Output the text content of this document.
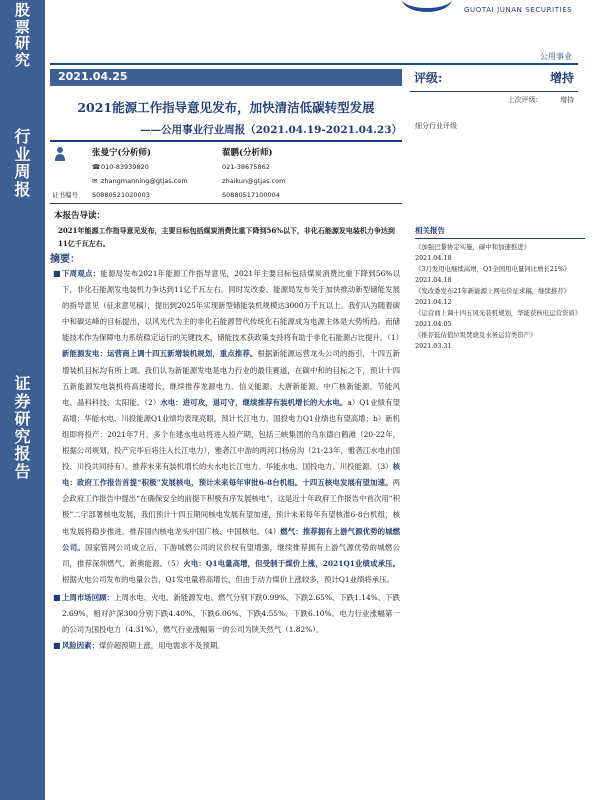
股
票
研
究
行
业
周
报
证
券
研
究
报
告
GUOTAI JUNAN SECURITIES
公用事业
2021.04.25
2021能源工作指导意见发布，加快清洁低碳转型发展
——公用事业行业周报（2021.04.19-2021.04.23）
评级:	增持
上次评级:	增持
细分行业评级
张曼宁(分析师)
☎010-83939820
✉ zhangmanning@gtjas.com
S0880521020003
翟鹏(分析师)
021-38675862
zhaikun@gtjas.com
S0880517100004
证书编号
本报告导读：
2021年能源工作指导意见发布，主要目标包括煤炭消费比重下降到56%以下，非化石能源发电装机力争达到11亿千瓦左右。
摘要：
■ 下周观点：能源局发布2021年能源工作指导意见，2021年主要目标包括煤炭消费比重下降到56%以下，非化石能源发电装机力争达到11亿千瓦左右。同时发改委、能源局发布关于加快推动新型储能发展的指导意见（征求意见稿），提出到2025年实现新型储能装机规模达3000万千瓦以上。我们认为随着碳中和碳达峰的目标提出，以风光代为主的非化石能源替代传统化石能源成为电源主体是大势所趋。而储能技术作为保障电力系统稳定运行的关键技术，储能技术获政策支持将有助于非化石能源占比提升。（1）新能源发电：运营商上调十四五新增装机规划，重点推荐。根据新能源运营龙头公司的指引，十四五新增装机目标均有所上调。我们认为新能源发电是电力行业的最佳赛道，在碳中和的目标之下，预计十四五新能源发电装机将高速增长，继续推荐龙源电力、信义能源、大唐新能源、中广核新能源、节能风电、晶科科技、太阳能。（2）水电：进可攻，退可守，继续推荐有装机增长的大水电。a）Q1业绩有望高增：华能水电、川投能源Q1业绩均表现亮眼，预计长江电力、国投电力Q1业绩也有望高增；b）新机组即将投产：2021年7月，多个在建水电站将进入投产期，包括三峡集团的乌东德白鹤滩（20-22年，根据公司规划，投产完毕后将注入长江电力），雅砻江中游的两河口杨房沟（21-23年，雅砻江水电由国投、川投共同持有）。推荐未来有装机增长的大水电长江电力、华能水电、国投电力、川投能源。（3）核电：政府工作报告首提“积极”发展核电，预计未来每年审批6-8台机组。十四五核电发展有望加速。两会政府工作报告中提出“在确保安全的前提下积极有序发展核电”，这是近十年政府工作报告中首次用“积极”二字部署核电发展，我们预计十四五期间核电发展有望加速，预计未来每年有望核准6-8台机组，核电发展将稳步推进。推荐国内核电龙头中国广核、中国核电。（4）燃气：推荐拥有上游气源优势的城燃公司。国家管网公司成立后，下游城燃公司的议价权有望增强，继续推荐拥有上游气源优势的城燃公司，推荐深圳燃气、新奥能源。（5）火电：Q1电量高增，但受制于煤价上涨，2021Q1业绩或承压。根据火电公司发布的电量公告，Q1发电量将高增长，但由于动力煤价上涨较多，预计Q1业绩将承压。

■ 上周市场回顾：上周水电、火电、新能源发电、燃气分别下跌0.99%、下跌2.65%、下跌1.14%、下跌2.69%，相对沪深300分别下跌4.40%、下跌6.06%、下跌4.55%、下跌6.10%。电力行业涨幅第一的公司为国投电力（4.31%），燃气行业涨幅第一的公司为陕天然气（1.82%）。

■ 风险因素：煤价超预期上涨，用电需求不及预期。

相关报告
《加强巴黎协定实施，碳中和加速推进》
2021.04.18
《3月发用电继续高增，Q1全国用电量同比增长21%》
2021.04.18
《发改委发布21年新能源上网电价征求稿，继续推荐》
2021.04.12
《运营商上调十四五风光装机规划，华能获核电运营资质》
2021.04.05
《推荐低估值垃圾焚烧及水务运营类资产》
2021.03.31
